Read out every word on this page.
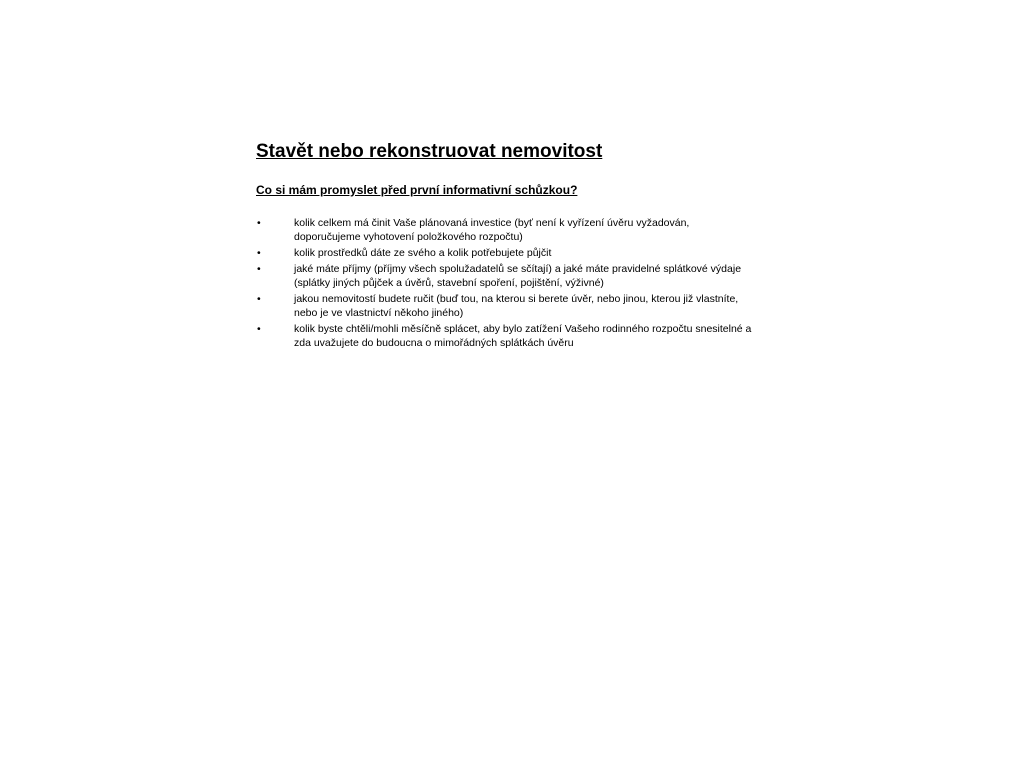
Stavět nebo rekonstruovat nemovitost
Co si mám promyslet před první informativní schůzkou?
•	kolik celkem má činit Vaše plánovaná investice (byť není k vyřízení úvěru vyžadován,
doporučujeme vyhotovení položkového rozpočtu)
•	kolik prostředků dáte ze svého a kolik potřebujete půjčit
•	jaké máte příjmy (příjmy všech spolužadatelů se sčítají) a jaké máte pravidelné splátkové výdaje
(splátky jiných půjček a úvěrů, stavební spoření, pojištění, výživné)
•	jakou nemovitostí budete ručit (buď tou, na kterou si berete úvěr, nebo jinou, kterou již vlastníte,
nebo je ve vlastnictví někoho jiného)
•	kolik byste chtěli/mohli měsíčně splácet, aby bylo zatížení Vašeho rodinného rozpočtu snesitelné a
zda uvažujete do budoucna o mimořádných splátkách úvěru
